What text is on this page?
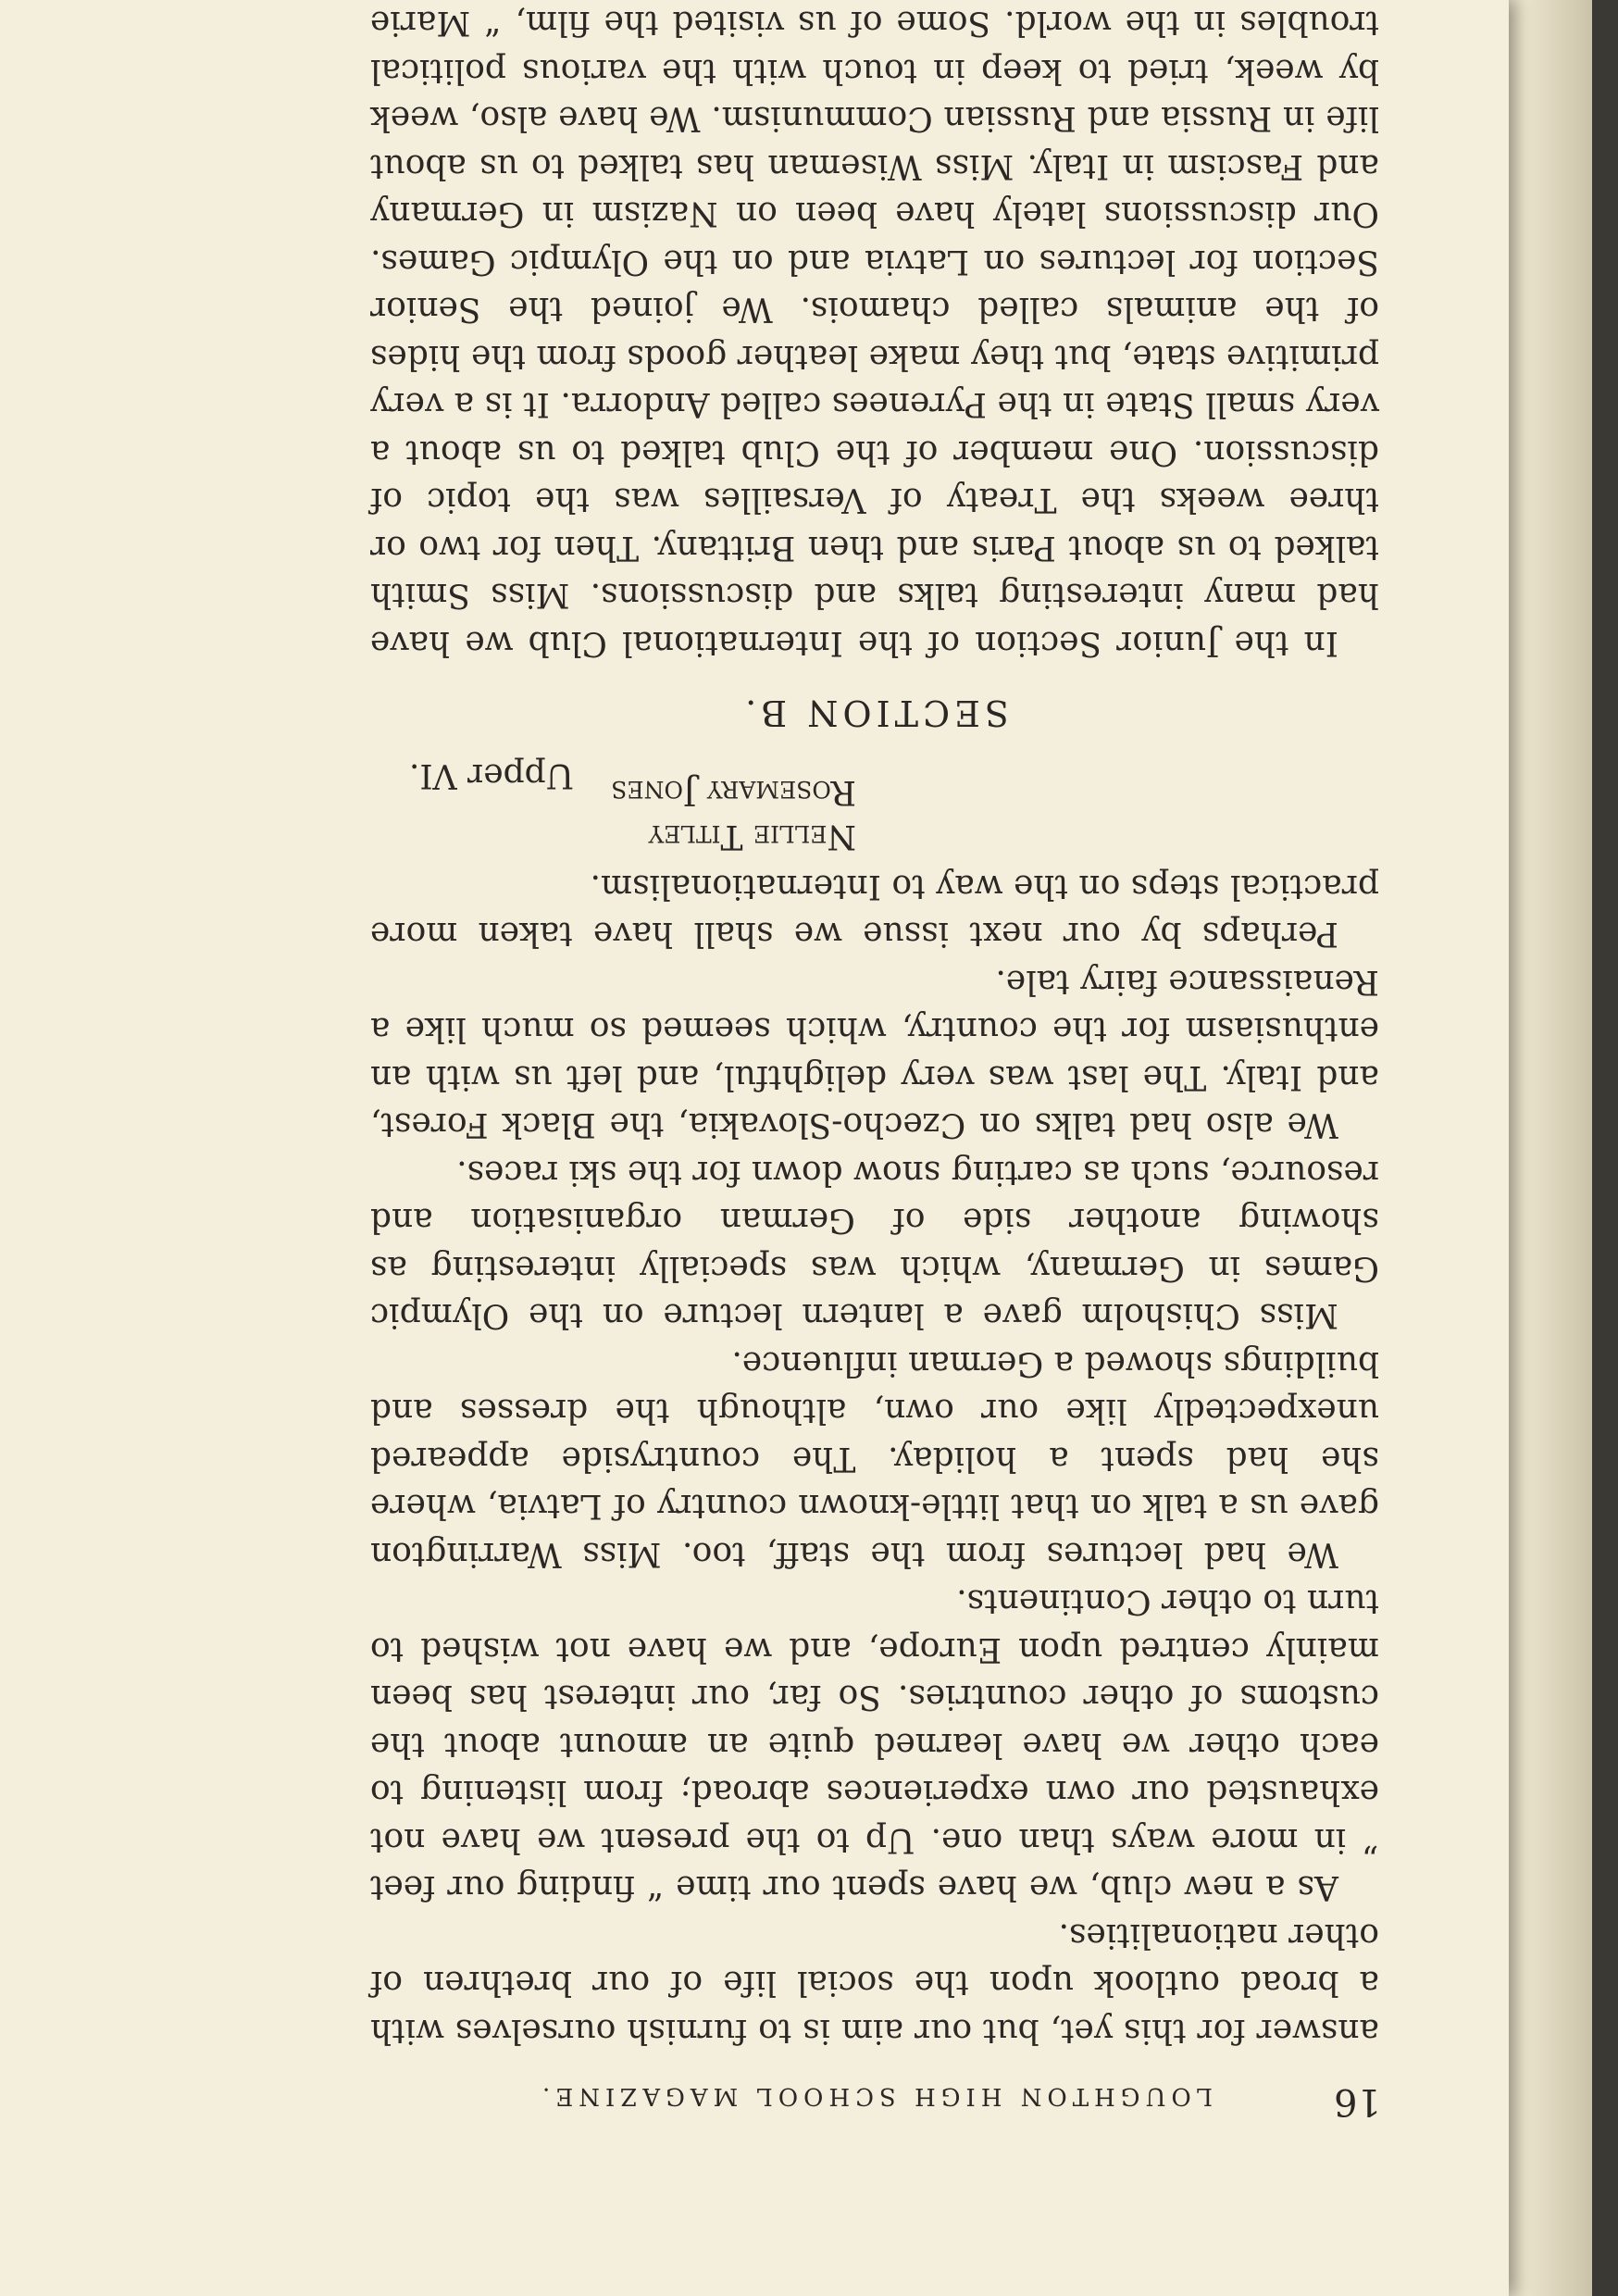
16
LOUGHTON HIGH SCHOOL MAGAZINE.

answer for this yet, but our aim is to furnish ourselves with a broad outlook upon the social life of our brethren of other nationalities.

As a new club, we have spent our time “ finding our feet ” in more ways than one. Up to the present we have not exhausted our own experiences abroad; from listening to each other we have learned quite an amount about the customs of other countries. So far, our interest has been mainly centred upon Europe, and we have not wished to turn to other Continents.

We had lectures from the staff, too. Miss Warrington gave us a talk on that little-known country of Latvia, where she had spent a holiday. The countryside appeared unexpectedly like our own, although the dresses and buildings showed a German influence.

Miss Chisholm gave a lantern lecture on the Olympic Games in Germany, which was specially interesting as showing another side of German organisation and resource, such as carting snow down for the ski races.

We also had talks on Czecho-Slovakia, the Black Forest, and Italy. The last was very delightful, and left us with an enthusiasm for the country, which seemed so much like a Renaissance fairy tale.

Perhaps by our next issue we shall have taken more practical steps on the way to Internationalism.

Nellie Titley
Rosemary Jones
Upper VI.
SECTION B.

In the Junior Section of the International Club we have had many interesting talks and discussions. Miss Smith talked to us about Paris and then Brittany. Then for two or three weeks the Treaty of Versailles was the topic of discussion. One member of the Club talked to us about a very small State in the Pyrenees called Andorra. It is a very primitive state, but they make leather goods from the hides of the animals called chamois. We joined the Senior Section for lectures on Latvia and on the Olympic Games. Our discussions lately have been on Nazism in Germany and Fascism in Italy. Miss Wiseman has talked to us about life in Russia and Russian Communism. We have also, week by week, tried to keep in touch with the various political troubles in the world. Some of us visited the film, “ Marie
